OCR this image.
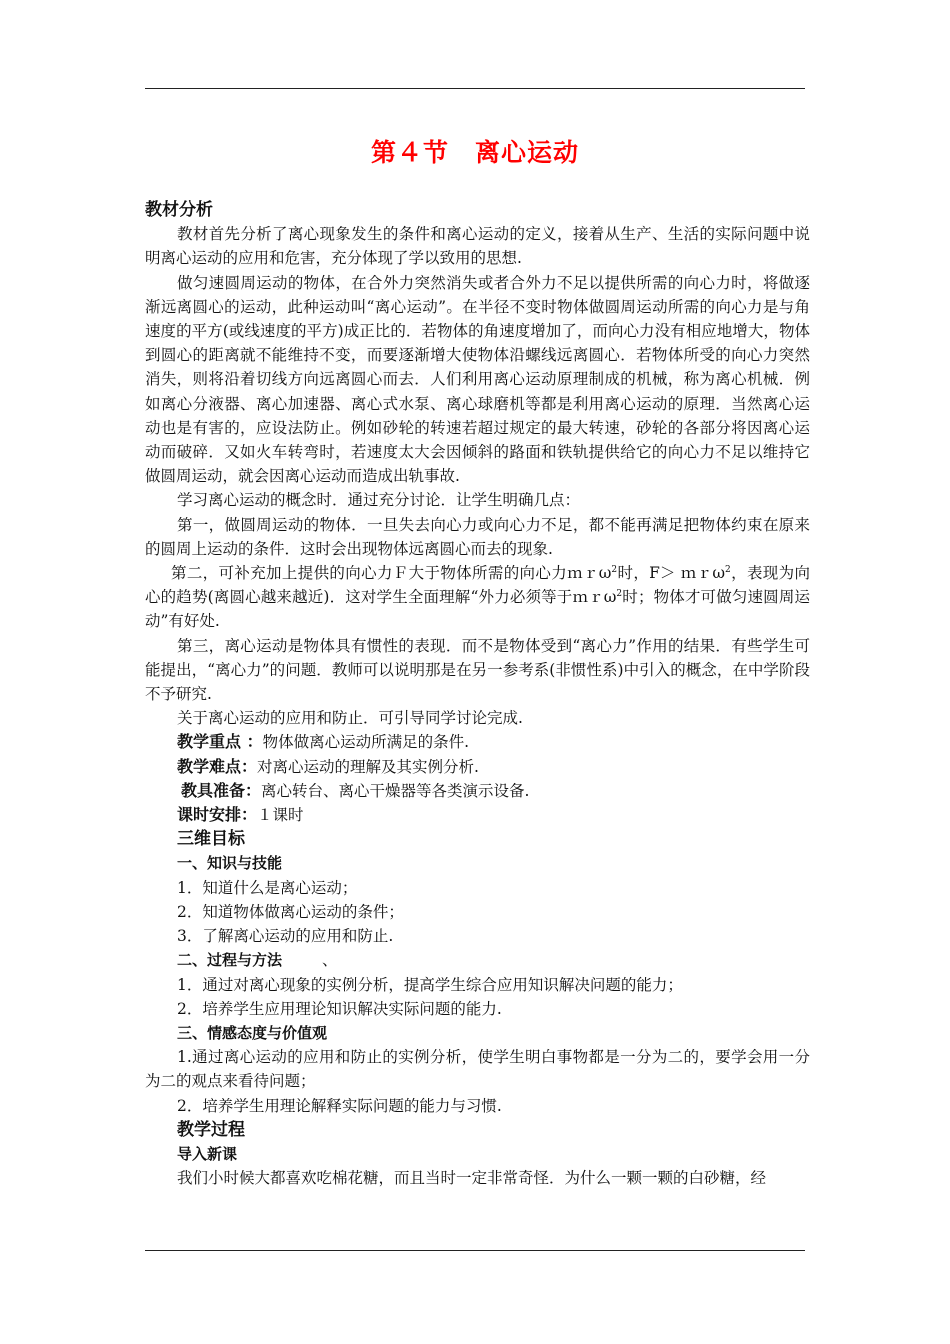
第４节　离心运动

教材分析

教材首先分析了离心现象发生的条件和离心运动的定义，接着从生产、生活的实际问题中说明离心运动的应用和危害，充分体现了学以致用的思想.

做匀速圆周运动的物体，在合外力突然消失或者合外力不足以提供所需的向心力时，将做逐渐远离圆心的运动，此种运动叫“离心运动”。在半径不变时物体做圆周运动所需的向心力是与角速度的平方(或线速度的平方)成正比的．若物体的角速度增加了，而向心力没有相应地增大，物体到圆心的距离就不能维持不变，而要逐渐增大使物体沿螺线远离圆心．若物体所受的向心力突然消失，则将沿着切线方向远离圆心而去．人们利用离心运动原理制成的机械，称为离心机械．例如离心分液器、离心加速器、离心式水泵、离心球磨机等都是利用离心运动的原理．当然离心运动也是有害的，应设法防止。例如砂轮的转速若超过规定的最大转速，砂轮的各部分将因离心运动而破碎．又如火车转弯时，若速度太大会因倾斜的路面和铁轨提供给它的向心力不足以维持它做圆周运动，就会因离心运动而造成出轨事故.

学习离心运动的概念时．通过充分讨论．让学生明确几点：

第一，做圆周运动的物体．一旦失去向心力或向心力不足，都不能再满足把物体约束在原来的圆周上运动的条件．这时会出现物体远离圆心而去的现象.

第二，可补充加上提供的向心力Ｆ大于物体所需的向心力ｍｒω$^2$时，F＞ ｍｒω$^2$，表现为向心的趋势(离圆心越来越近)．这对学生全面理解“外力必须等于ｍｒω$^2$时；物体才可做匀速圆周运动”有好处.

第三，离心运动是物体具有惯性的表现．而不是物体受到“离心力”作用的结果．有些学生可能提出，“离心力”的问题．教师可以说明那是在另一参考系(非惯性系)中引入的概念，在中学阶段不予研究.

关于离心运动的应用和防止．可引导同学讨论完成.

教学重点 ：物体做离心运动所满足的条件.

教学难点：对离心运动的理解及其实例分析.

教具准备：离心转台、离心干燥器等各类演示设备.

课时安排：１课时

三维目标

一、知识与技能

1．知道什么是离心运动；

2．知道物体做离心运动的条件；

3．了解离心运动的应用和防止.

二、过程与方法	、

1．通过对离心现象的实例分析，提高学生综合应用知识解决问题的能力；

2．培养学生应用理论知识解决实际问题的能力.

三、情感态度与价值观

1.通过离心运动的应用和防止的实例分析，使学生明白事物都是一分为二的，要学会用一分为二的观点来看待问题；

2．培养学生用理论解释实际问题的能力与习惯.

教学过程

导入新课

我们小时候大都喜欢吃棉花糖，而且当时一定非常奇怪．为什么一颗一颗的白砂糖，经
